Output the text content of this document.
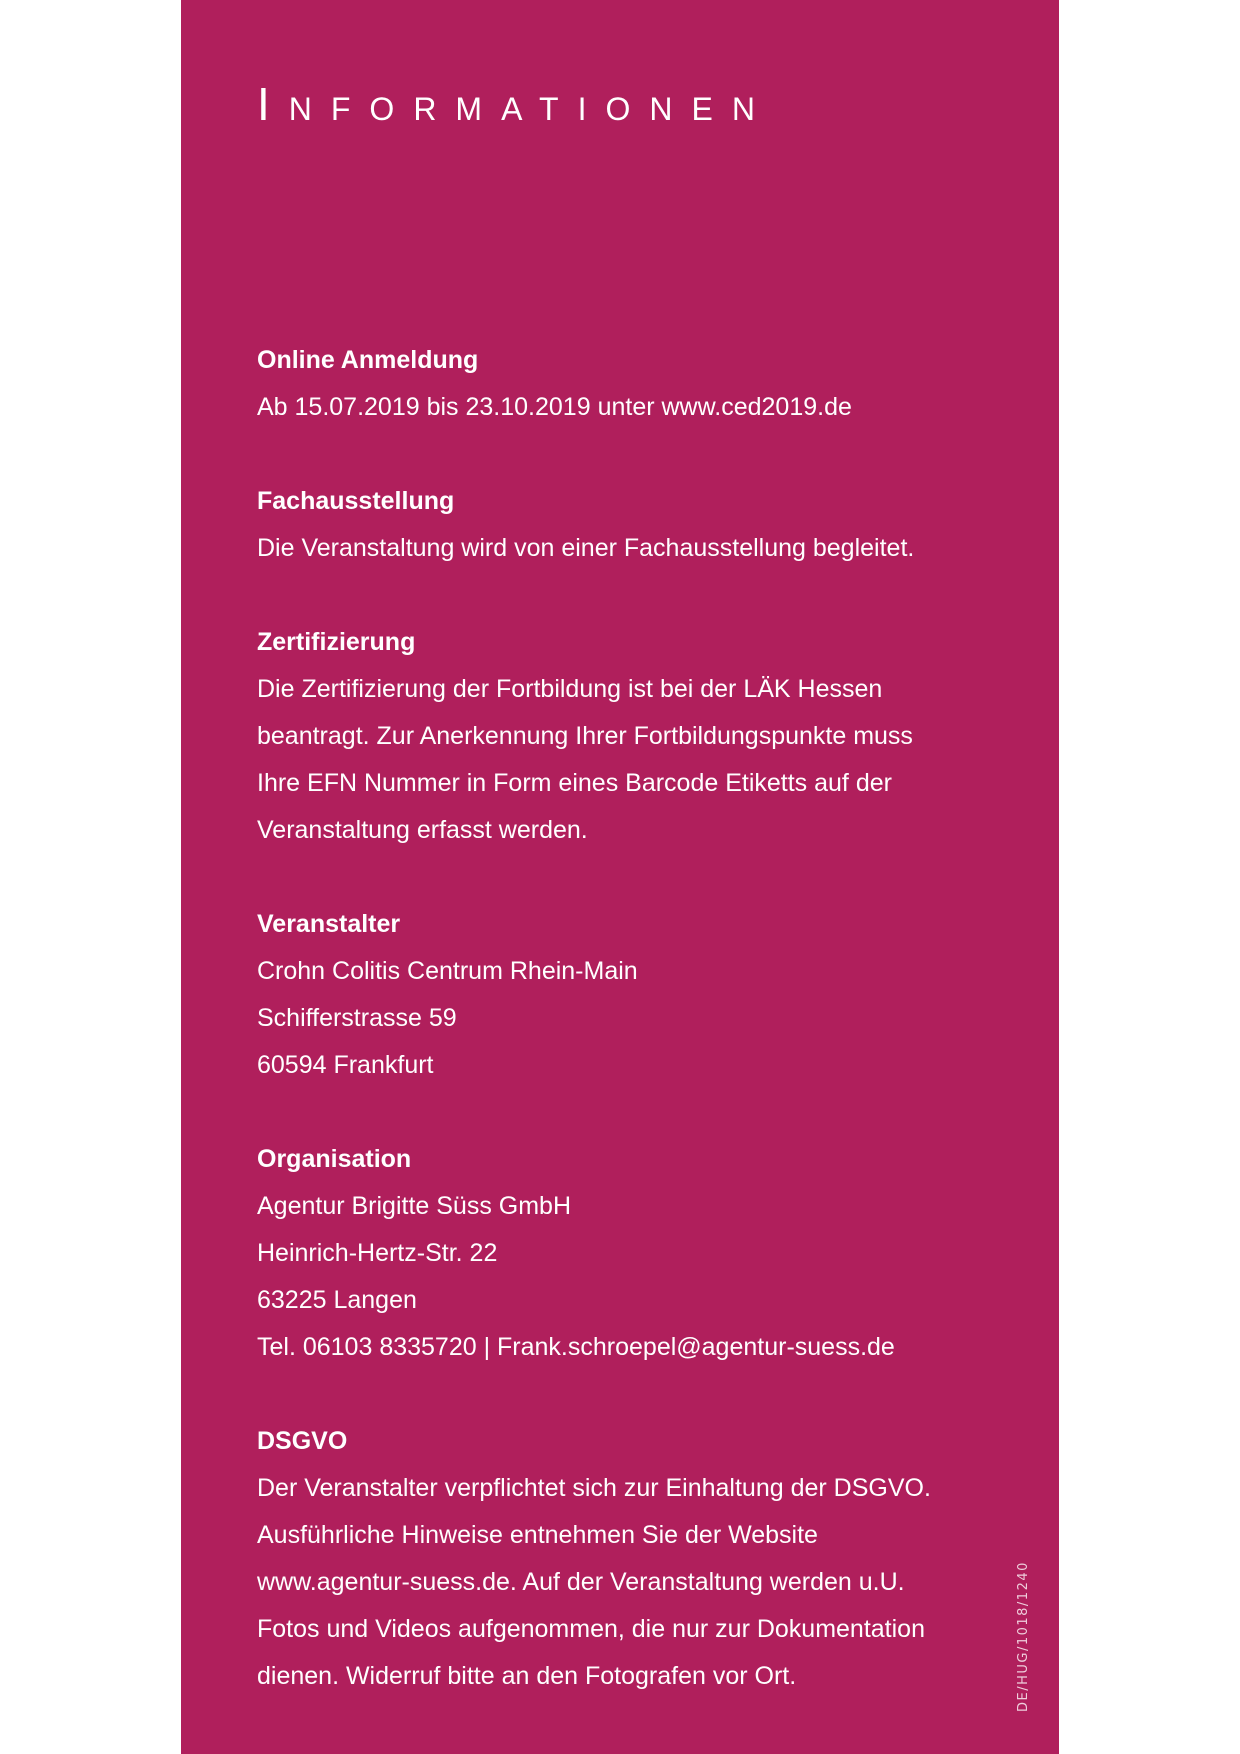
Informationen
Online Anmeldung

Ab 15.07.2019 bis 23.10.2019 unter www.ced2019.de

Fachausstellung

Die Veranstaltung wird von einer Fachausstellung begleitet.

Zertifizierung

Die Zertifizierung der Fortbildung ist bei der LÄK Hessen

beantragt. Zur Anerkennung Ihrer Fortbildungspunkte muss

Ihre EFN Nummer in Form eines Barcode Etiketts auf der

Veranstaltung erfasst werden.

Veranstalter

Crohn Colitis Centrum Rhein-Main

Schifferstrasse 59

60594 Frankfurt

Organisation

Agentur Brigitte Süss GmbH

Heinrich-Hertz-Str. 22

63225 Langen

Tel. 06103 8335720 | Frank.schroepel@agentur-suess.de

DSGVO

Der Veranstalter verpflichtet sich zur Einhaltung der DSGVO.

Ausführliche Hinweise entnehmen Sie der Website

www.agentur-suess.de. Auf der Veranstaltung werden u.U.

Fotos und Videos aufgenommen, die nur zur Dokumentation

dienen. Widerruf bitte an den Fotografen vor Ort.	DE/HUG/1018/1240
